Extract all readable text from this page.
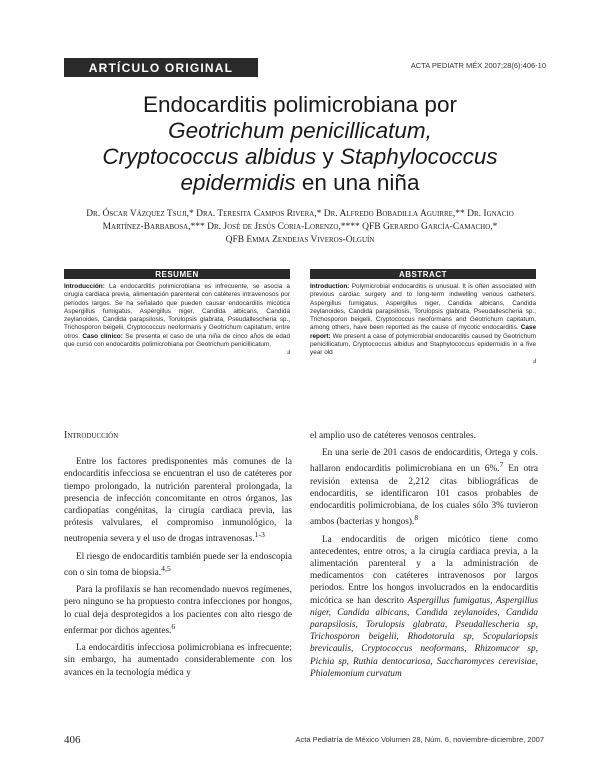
ARTÍCULO ORIGINAL	ACTA PEDIATR MÉX 2007;28(6):406-10
Endocarditis polimicrobiana por
Geotrichum penicillicatum,
Cryptococcus albidus y Staphylococcus
epidermidis en una niña
Dr. Óscar Vázquez Tsuji,* Dra. Teresita Campos Rivera,* Dr. Alfredo Bobadilla Aguirre,** Dr. Ignacio
Martínez-Barbabosa,*** Dr. José de Jesús Coria-Lorenzo,**** QFB Gerardo García-Camacho,*
QFB Emma Zendejas Viveros-Olguín
RESUMEN
Introducción: La endocarditis polimicrobiana es infrecuente, se asocia a cirugía cardiaca previa, alimentación parenteral con catéteres intravenosos por periodos largos. Se ha señalado que pueden causar endocarditis micótica Aspergillus fumigatus, Aspergillus niger, Candida albicans, Candida zeylanoides, Candida parapsilosis, Torulopsis glabrata, Pseudallescheria sp., Trichosporon beigelii, Cryptococcus neoformans y Geotrichum capitatum, entre otros. Caso clínico: Se presenta el caso de una niña de cinco años de edad que cursó con endocarditis polimicrobiana por Geotrichum penicillicatum,
Ⅎ
ABSTRACT
Introduction: Polymicrobial endocarditis is unusual. It is often associated with previous cardiac surgery and to long-term indwelling venous catheters. Aspergillus fumigatus, Aspergillus niger, Candida albicans, Candida zeylanoides, Candida parapsilosis, Torulopsis glabrata, Pseudallescheria sp., Trichosporon beigelii, Cryptococcus neoformans and Geotrichum capitatum, among others, have been reported as the cause of mycotic endocarditis. Case report: We present a case of polymicrobial endocarditis caused by Geotrichum penicillicatum, Cryptococcus albidus and Staphylococcus epidermidis in a five year old
Ⅎ
Introducción

Entre los factores predisponentes más comunes de la endocarditis infecciosa se encuentran el uso de catéteres por tiempo prolongado, la nutrición parenteral prolongada, la presencia de infección concomitante en otros órganos, las cardiopatías congénitas, la cirugía cardiaca previa, las prótesis valvulares, el compromiso inmunológico, la neutropenia severa y el uso de drogas intravenosas.$^{1-3}$

El riesgo de endocarditis también puede ser la endoscopia con o sin toma de biopsia.$^{4,5}$

Para la profilaxis se han recomendado nuevos regímenes, pero ninguno se ha propuesto contra infecciones por hongos, lo cual deja desprotegidos a los pacientes con alto riesgo de enfermar por dichos agentes.$^6$

La endocarditis infecciosa polimicrobiana es infrecuente; sin embargo, ha aumentado considerablemente con los avances en la tecnología médica y

el amplio uso de catéteres venosos centrales.

En una serie de 201 casos de endocarditis, Ortega y cols. hallaron endocarditis polimicrobiana en un 6%.$^7$ En otra revisión extensa de 2,212 citas bibliográficas de endocarditis, se identificaron 101 casos probables de endocarditis polimicrobiana, de los cuales sólo 3% tuvieron ambos (bacterias y hongos).$^8$

La endocarditis de origen micótico tiene como antecedentes, entre otros, a la cirugía cardiaca previa, a la alimentación parenteral y a la administración de medicamentos con catéteres intravenosos por largos periodos. Entre los hongos involucrados en la endocarditis micótica se han descrito Aspergillus fumigatus, Aspergillus niger, Candida albicans, Candida zeylanoides, Candida parapsilosis, Torulopsis glabrata, Pseudallescheria sp, Trichosporon beigelii, Rhodotorula sp, Scopulariopsis brevicaulis, Cryptococcus neoformans, Rhizomucor sp, Pichia sp, Ruthia dentocariosa, Saccharomyces cerevisiae, Phialemonium curvatum

406	Acta Pediatría de México Volumen 28, Núm. 6, noviembre-diciembre, 2007
